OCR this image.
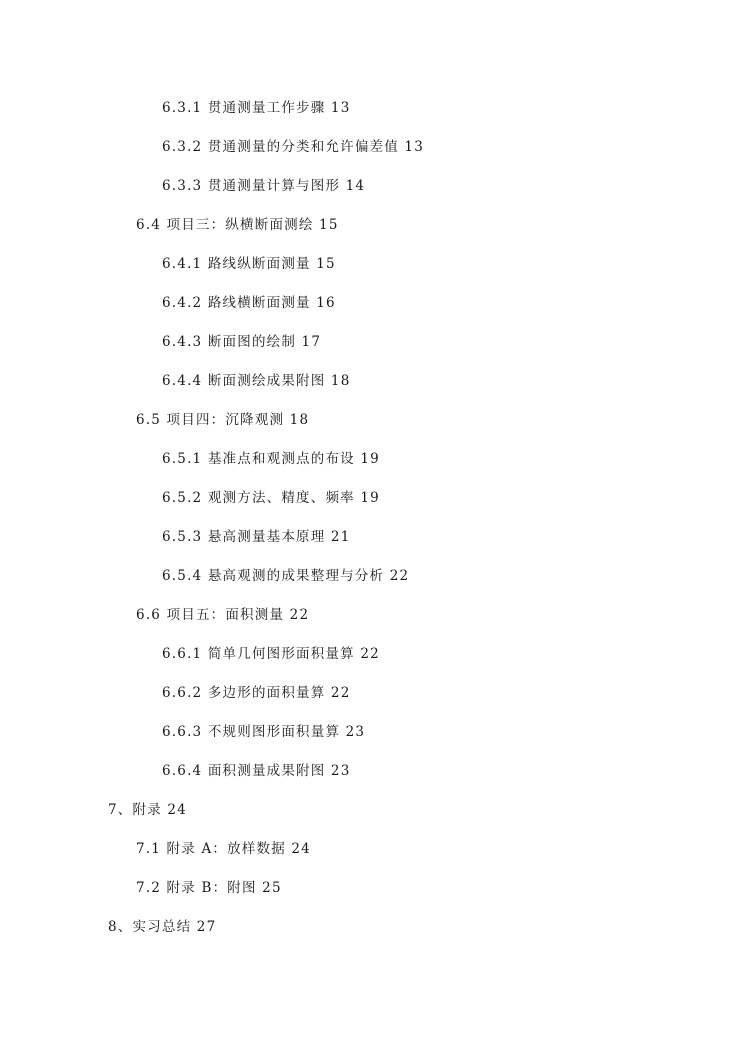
6.3.1 贯通测量工作步骤 13
6.3.2 贯通测量的分类和允许偏差值 13
6.3.3 贯通测量计算与图形 14
6.4 项目三：纵横断面测绘 15
6.4.1 路线纵断面测量 15
6.4.2 路线横断面测量 16
6.4.3 断面图的绘制 17
6.4.4 断面测绘成果附图 18
6.5 项目四：沉降观测 18
6.5.1 基准点和观测点的布设 19
6.5.2 观测方法、精度、频率 19
6.5.3 悬高测量基本原理 21
6.5.4 悬高观测的成果整理与分析 22
6.6 项目五：面积测量 22
6.6.1 简单几何图形面积量算 22
6.6.2 多边形的面积量算 22
6.6.3 不规则图形面积量算 23
6.6.4 面积测量成果附图 23
7、附录 24
7.1 附录 A：放样数据 24
7.2 附录 B：附图 25
8、实习总结 27
